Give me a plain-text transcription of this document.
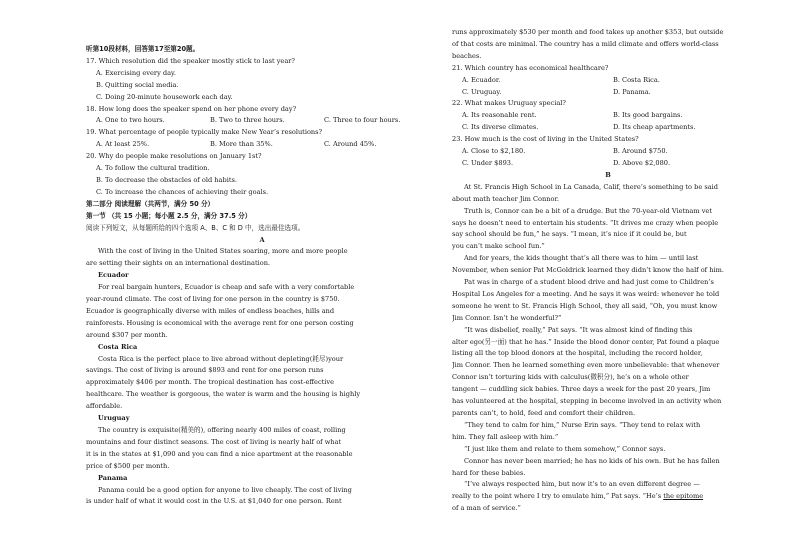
听第10段材料，回答第17至第20题。
17. Which resolution did the speaker mostly stick to last year?
A. Exercising every day.
B. Quitting social media.
C. Doing 20-minute housework each day.
18. How long does the speaker spend on her phone every day?
A. One to two hours.	B. Two to three hours.	C. Three to four hours.
19. What percentage of people typically make New Year’s resolutions?
A. At least 25%.	B. More than 35%.	C. Around 45%.
20. Why do people make resolutions on January 1st?
A. To follow the cultural tradition.
B. To decrease the obstacles of old habits.
C. To increase the chances of achieving their goals.
第二部分 阅读理解（共两节，满分 50 分）
第一节 （共 15 小题；每小题 2.5 分，满分 37.5 分）
阅读下列短文，从每题所给的四个选项 A、B、C 和 D 中，选出最佳选项。
A
With the cost of living in the United States soaring, more and more people
are setting their sights on an international destination.
Ecuador
For real bargain hunters, Ecuador is cheap and safe with a very comfortable
year-round climate. The cost of living for one person in the country is $750.
Ecuador is geographically diverse with miles of endless beaches, hills and
rainforests. Housing is economical with the average rent for one person costing
around $307 per month.
Costa Rica
Costa Rica is the perfect place to live abroad without depleting(耗尽)your
savings. The cost of living is around $893 and rent for one person runs
approximately $406 per month. The tropical destination has cost-effective
healthcare. The weather is gorgeous, the water is warm and the housing is highly
affordable.
Uruguay
The country is exquisite(精美的), offering nearly 400 miles of coast, rolling
mountains and four distinct seasons. The cost of living is nearly half of what
it is in the states at $1,090 and you can find a nice apartment at the reasonable
price of $500 per month.
Panama
Panama could be a good option for anyone to live cheaply. The cost of living
is under half of what it would cost in the U.S. at $1,040 for one person. Rent
runs approximately $530 per month and food takes up another $353, but outside
of that costs are minimal. The country has a mild climate and offers world-class
beaches.
21. Which country has economical healthcare?
A. Ecuador.	B. Costa Rica.
C. Uruguay.	D. Panama.
22. What makes Uruguay special?
A. Its reasonable rent.	B. Its good bargains.
C. Its diverse climates.	D. Its cheap apartments.
23. How much is the cost of living in the United States?
A. Close to $2,180.	B. Around $750.
C. Under $893.	D. Above $2,080.
B
At St. Francis High School in La Canada, Calif, there’s something to be said
about math teacher Jim Connor.
Truth is, Connor can be a bit of a drudge. But the 70-year-old Vietnam vet
says he doesn’t need to entertain his students. “It drives me crazy when people
say school should be fun,” he says. “I mean, it’s nice if it could be, but
you can’t make school fun.”
And for years, the kids thought that’s all there was to him — until last
November, when senior Pat McGoldrick learned they didn’t know the half of him.
Pat was in charge of a student blood drive and had just come to Children’s
Hospital Los Angeles for a meeting. And he says it was weird: whenever he told
someone he went to St. Francis High School, they all said, “Oh, you must know
Jim Connor. Isn’t he wonderful?”
“It was disbelief, really,” Pat says. “It was almost kind of finding this
alter ego(另一面) that he has.” Inside the blood donor center, Pat found a plaque
listing all the top blood donors at the hospital, including the record holder,
Jim Connor. Then he learned something even more unbelievable: that whenever
Connor isn’t torturing kids with calculus(微积分), he’s on a whole other
tangent — cuddling sick babies. Three days a week for the past 20 years, Jim
has volunteered at the hospital, stepping in become involved in an activity when
parents can’t, to hold, feed and comfort their children.
“They tend to calm for him,” Nurse Erin says. “They tend to relax with
him. They fall asleep with him.”
“I just like them and relate to them somehow,” Connor says.
Connor has never been married; he has no kids of his own. But he has fallen
hard for these babies.
“I’ve always respected him, but now it’s to an even different degree —
really to the point where I try to emulate him,” Pat says. “He’s the epitome
of a man of service.”
